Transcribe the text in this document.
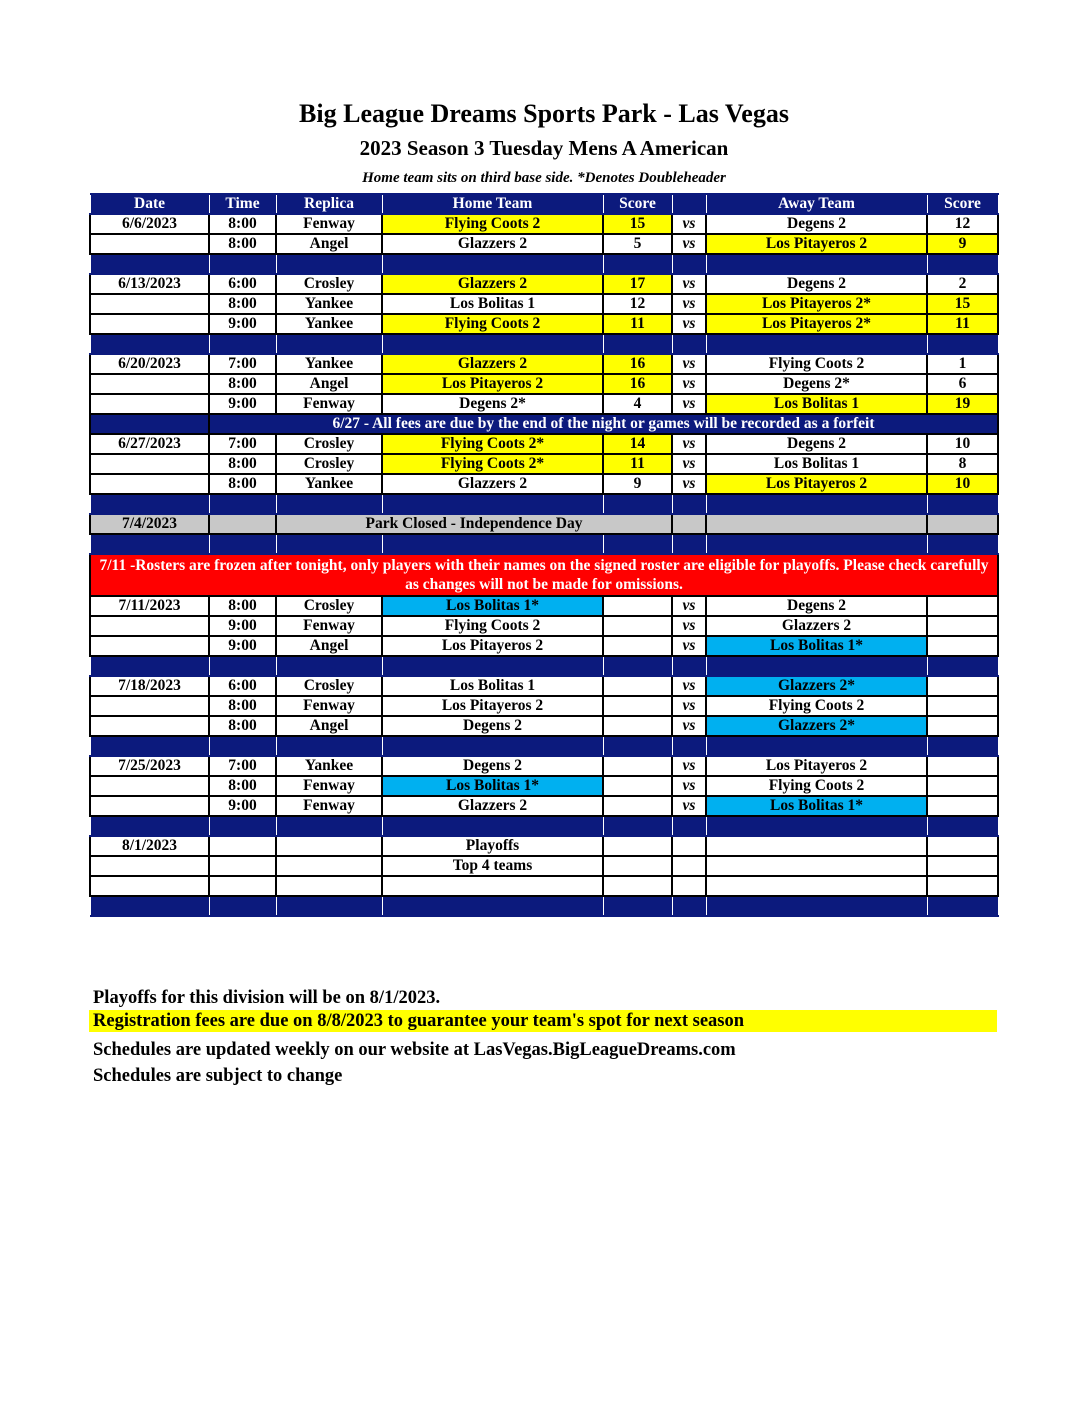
Big League Dreams Sports Park - Las Vegas
2023 Season 3 Tuesday Mens A American
Home team sits on third base side. *Denotes Doubleheader
Date	Time	Replica	Home Team	Score		Away Team	Score
6/6/2023	8:00	Fenway	Flying Coots 2	15	vs	Degens 2	12
	8:00	Angel	Glazzers 2	5	vs	Los Pitayeros 2	9

6/13/2023	6:00	Crosley	Glazzers 2	17	vs	Degens 2	2
	8:00	Yankee	Los Bolitas 1	12	vs	Los Pitayeros 2*	15
	9:00	Yankee	Flying Coots 2	11	vs	Los Pitayeros 2*	11

6/20/2023	7:00	Yankee	Glazzers 2	16	vs	Flying Coots 2	1
	8:00	Angel	Los Pitayeros 2	16	vs	Degens 2*	6
	9:00	Fenway	Degens 2*	4	vs	Los Bolitas 1	19
	6/27 - All fees are due by the end of the night or games will be recorded as a forfeit						
6/27/2023	7:00	Crosley	Flying Coots 2*	14	vs	Degens 2	10
	8:00	Crosley	Flying Coots 2*	11	vs	Los Bolitas 1	8
	8:00	Yankee	Glazzers 2	9	vs	Los Pitayeros 2	10

7/4/2023		Park Closed - Independence Day					

7/11 -Rosters are frozen after tonight, only players with their names on the signed roster are eligible for playoffs. Please check carefully as changes will not be made for omissions.							
7/11/2023	8:00	Crosley	Los Bolitas 1*		vs	Degens 2	
	9:00	Fenway	Flying Coots 2		vs	Glazzers 2	
	9:00	Angel	Los Pitayeros 2		vs	Los Bolitas 1*	

7/18/2023	6:00	Crosley	Los Bolitas 1		vs	Glazzers 2*	
	8:00	Fenway	Los Pitayeros 2		vs	Flying Coots 2	
	8:00	Angel	Degens 2		vs	Glazzers 2*	

7/25/2023	7:00	Yankee	Degens 2		vs	Los Pitayeros 2	
	8:00	Fenway	Los Bolitas 1*		vs	Flying Coots 2	
	9:00	Fenway	Glazzers 2		vs	Los Bolitas 1*	

8/1/2023			Playoffs				
			Top 4 teams				

Playoffs for this division will be on 8/1/2023.
Registration fees are due on 8/8/2023 to guarantee your team's spot for next season
Schedules are updated weekly on our website at LasVegas.BigLeagueDreams.com
Schedules are subject to change
